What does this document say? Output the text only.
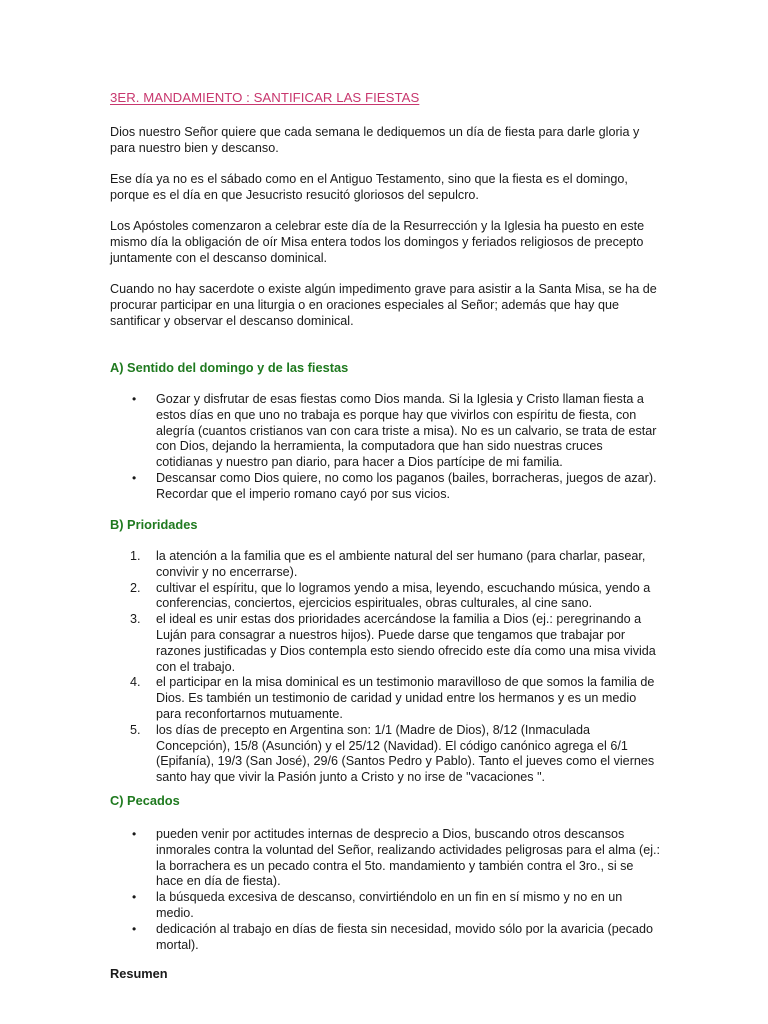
3ER. MANDAMIENTO : SANTIFICAR LAS FIESTAS

Dios nuestro Señor quiere que cada semana le dediquemos un día de fiesta para darle gloria y para nuestro bien y descanso.

Ese día ya no es el sábado como en el Antiguo Testamento, sino que la fiesta es el domingo, porque es el día en que Jesucristo resucitó gloriosos del sepulcro.

Los Apóstoles comenzaron a celebrar este día de la Resurrección y la Iglesia ha puesto en este mismo día la obligación de oír Misa entera todos los domingos y feriados religiosos de precepto juntamente con el descanso dominical.

Cuando no hay sacerdote o existe algún impedimento grave para asistir a la Santa Misa, se ha de procurar participar en una liturgia o en oraciones especiales al Señor; además que hay que santificar y observar el descanso dominical.

A) Sentido del domingo y de las fiestas
• Gozar y disfrutar de esas fiestas como Dios manda. Si la Iglesia y Cristo llaman fiesta a estos días en que uno no trabaja es porque hay que vivirlos con espíritu de fiesta, con alegría (cuantos cristianos van con cara triste a misa). No es un calvario, se trata de estar con Dios, dejando la herramienta, la computadora que han sido nuestras cruces cotidianas y nuestro pan diario, para hacer a Dios partícipe de mi familia.
• Descansar como Dios quiere, no como los paganos (bailes, borracheras, juegos de azar). Recordar que el imperio romano cayó por sus vicios.
B) Prioridades
1.	la atención a la familia que es el ambiente natural del ser humano (para charlar, pasear, convivir y no encerrarse).
2.	cultivar el espíritu, que lo logramos yendo a misa, leyendo, escuchando música, yendo a conferencias, conciertos, ejercicios espirituales, obras culturales, al cine sano.
3.	el ideal es unir estas dos prioridades acercándose la familia a Dios (ej.: peregrinando a Luján para consagrar a nuestros hijos). Puede darse que tengamos que trabajar por razones justificadas y Dios contempla esto siendo ofrecido este día como una misa vivida con el trabajo.
4.	el participar en la misa dominical es un testimonio maravilloso de que somos la familia de Dios. Es también un testimonio de caridad y unidad entre los hermanos y es un medio para reconfortarnos mutuamente.
5.	los días de precepto en Argentina son: 1/1 (Madre de Dios), 8/12 (Inmaculada Concepción), 15/8 (Asunción) y el 25/12 (Navidad). El código canónico agrega el 6/1 (Epifanía), 19/3 (San José), 29/6 (Santos Pedro y Pablo). Tanto el jueves como el viernes santo hay que vivir la Pasión junto a Cristo y no irse de "vacaciones ".
C) Pecados
• pueden venir por actitudes internas de desprecio a Dios, buscando otros descansos inmorales contra la voluntad del Señor, realizando actividades peligrosas para el alma (ej.: la borrachera es un pecado contra el 5to. mandamiento y también contra el 3ro., si se hace en día de fiesta).
• la búsqueda excesiva de descanso, convirtiéndolo en un fin en sí mismo y no en un medio.
• dedicación al trabajo en días de fiesta sin necesidad, movido sólo por la avaricia (pecado mortal).
Resumen
